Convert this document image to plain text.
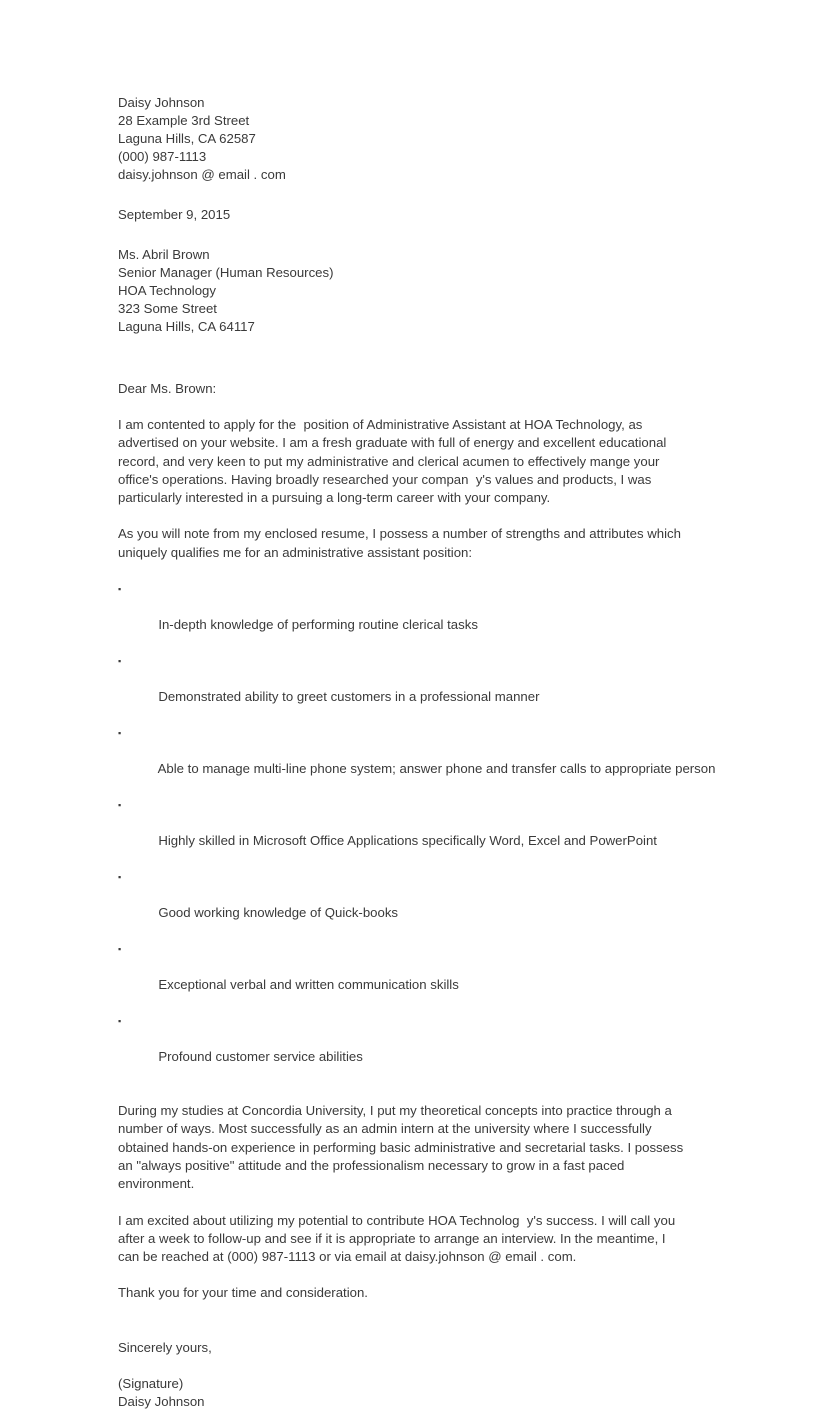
Daisy Johnson
28 Example 3rd Street
Laguna Hills, CA 62587
(000) 987-1113
daisy.johnson @ email . com
September 9, 2015
Ms. Abril Brown
Senior Manager (Human Resources)
HOA Technology
323 Some Street
Laguna Hills, CA 64117
Dear Ms. Brown:

I am contented to apply for the  position of Administrative Assistant at HOA Technology, as advertised on your website. I am a fresh graduate with full of energy and excellent educational record, and very keen to put my administrative and clerical acumen to effectively mange your office's operations. Having broadly researched your compan  y's values and products, I was particularly interested in a pursuing a long-term career with your company.

As you will note from my enclosed resume, I possess a number of strengths and attributes which uniquely qualifies me for an administrative assistant position:

▪

In-depth knowledge of performing routine clerical tasks

▪

Demonstrated ability to greet customers in a professional manner

▪

Able to manage multi-line phone system; answer phone and transfer calls to appropriate person

▪

Highly skilled in Microsoft Office Applications specifically Word, Excel and PowerPoint

▪

Good working knowledge of Quick-books

▪

Exceptional verbal and written communication skills

▪

Profound customer service abilities

During my studies at Concordia University, I put my theoretical concepts into practice through a number of ways. Most successfully as an admin intern at the university where I successfully obtained hands-on experience in performing basic administrative and secretarial tasks. I possess an "always positive" attitude and the professionalism necessary to grow in a fast paced environment.

I am excited about utilizing my potential to contribute HOA Technolog  y's success. I will call you after a week to follow-up and see if it is appropriate to arrange an interview. In the meantime, I can be reached at (000) 987-1113 or via email at daisy.johnson @ email . com.

Thank you for your time and consideration.

Sincerely yours,
(Signature)
Daisy Johnson
